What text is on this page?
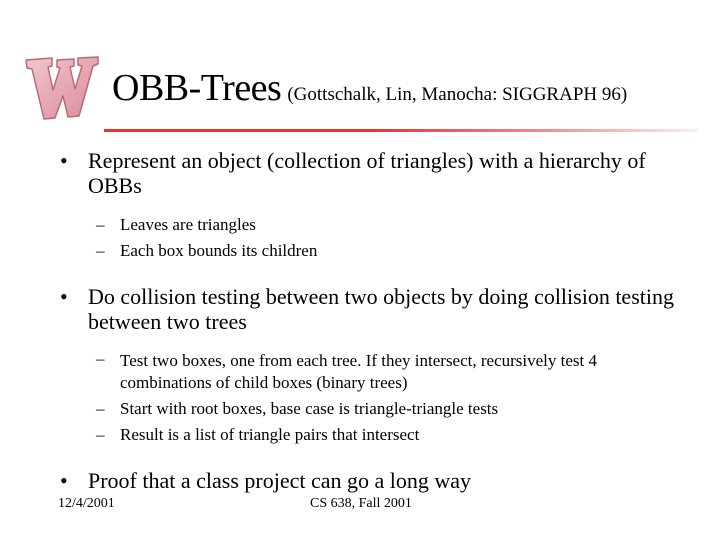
OBB-Trees (Gottschalk, Lin, Manocha: SIGGRAPH 96)
• Represent an object (collection of triangles) with a hierarchy of OBBs
– Leaves are triangles
– Each box bounds its children
• Do collision testing between two objects by doing collision testing between two trees
– Test two boxes, one from each tree. If they intersect, recursively test 4 combinations of child boxes (binary trees)
– Start with root boxes, base case is triangle-triangle tests
– Result is a list of triangle pairs that intersect
• Proof that a class project can go a long way
12/4/2001	CS 638, Fall 2001
